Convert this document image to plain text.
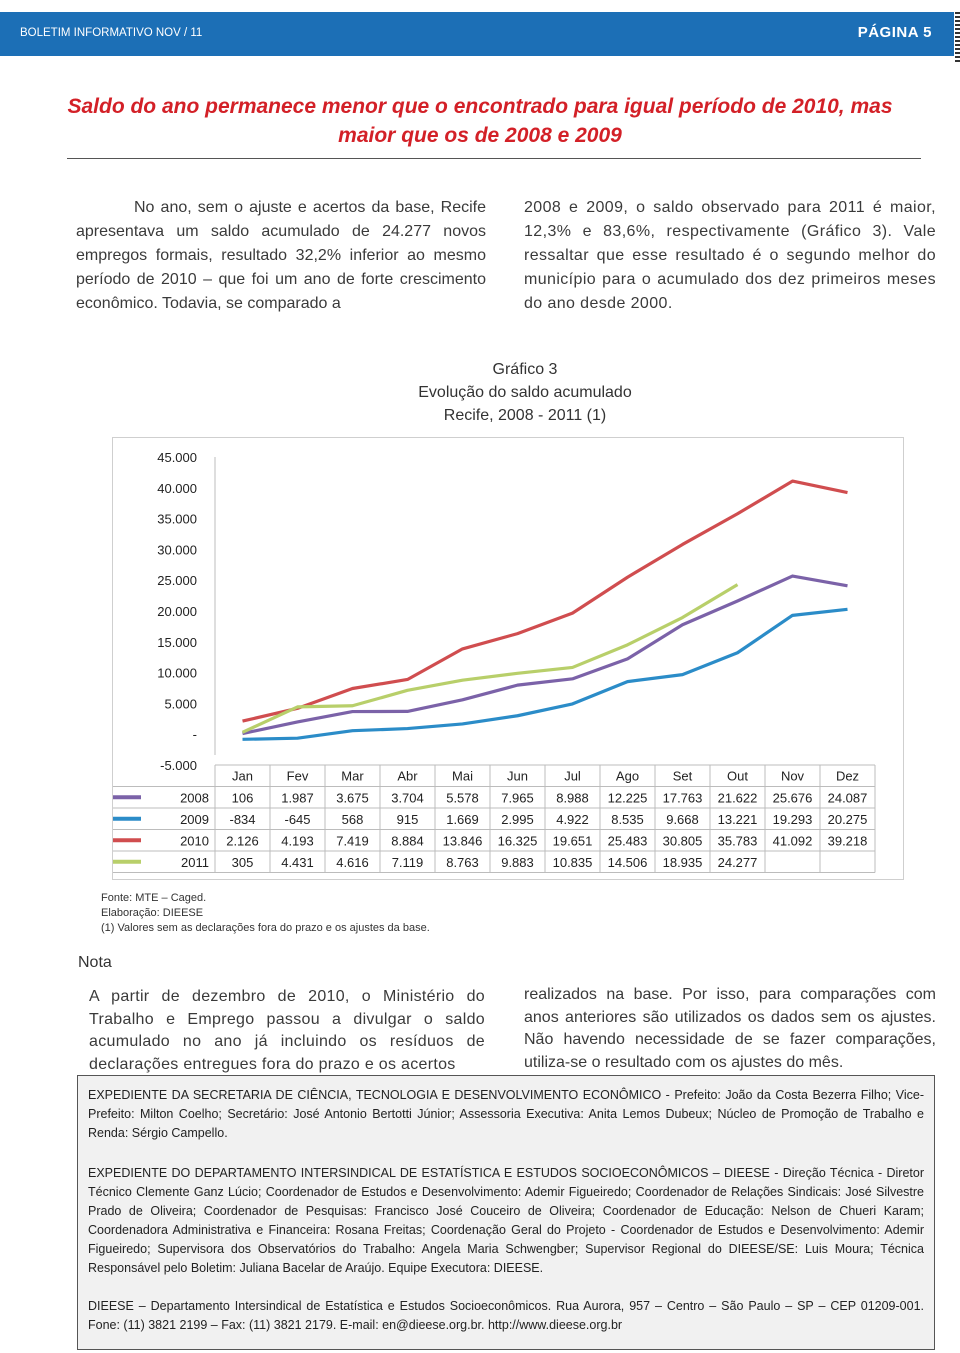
BOLETIM INFORMATIVO NOV / 11	PÁGINA 5
Saldo do ano permanece menor que o encontrado para igual período de 2010, mas
maior que os de 2008 e 2009

No ano, sem o ajuste e acertos da base, Recife apresentava um saldo acumulado de 24.277 novos empregos formais, resultado 32,2% inferior ao mesmo período de 2010 – que foi um ano de forte crescimento econômico. Todavia, se comparado a

2008 e 2009, o saldo observado para 2011 é maior, 12,3% e 83,6%, respectivamente (Gráfico 3). Vale ressaltar que esse resultado é o segundo melhor do município para o acumulado dos dez primeiros meses do ano desde 2000.

Gráfico 3
Evolução do saldo acumulado
Recife, 2008 - 2011 (1)
45.000
40.000
35.000
30.000
25.000
20.000
15.000
10.000
5.000
-
-5.000
Jan	Fev	Mar	Abr	Mai	Jun	Jul	Ago	Set	Out	Nov Dez
2008 106 1.987 3.675 3.704 5.578 7.965 8.988 12.225 17.763 21.622 25.676 24.087
2009 -834 -645 568	915 1.669 2.995 4.922 8.535 9.668 13.221 19.293 20.275
2010 2.126 4.193 7.419 8.884 13.846 16.325 19.651 25.483 30.805 35.783 41.092 39.218
2011 305 4.431 4.616 7.119 8.763 9.883 10.835 14.506 18.935 24.277
Fonte: MTE – Caged.
Elaboração: DIEESE
(1) Valores sem as declarações fora do prazo e os ajustes da base.
Nota

A partir de dezembro de 2010, o Ministério do Trabalho e Emprego passou a divulgar o saldo acumulado no ano já incluindo os resíduos de declarações entregues fora do prazo e os acertos

realizados na base. Por isso, para comparações com anos anteriores são utilizados os dados sem os ajustes. Não havendo necessidade de se fazer comparações, utiliza-se o resultado com os ajustes do mês.

EXPEDIENTE DA SECRETARIA DE CIÊNCIA, TECNOLOGIA E DESENVOLVIMENTO ECONÔMICO - Prefeito: João da Costa Bezerra Filho; Vice-Prefeito: Milton Coelho; Secretário: José Antonio Bertotti Júnior; Assessoria Executiva: Anita Lemos Dubeux; Núcleo de Promoção de Trabalho e Renda: Sérgio Campello.
EXPEDIENTE DO DEPARTAMENTO INTERSINDICAL DE ESTATÍSTICA E ESTUDOS SOCIOECONÔMICOS – DIEESE - Direção Técnica - Diretor Técnico Clemente Ganz Lúcio; Coordenador de Estudos e Desenvolvimento: Ademir Figueiredo; Coordenador de Relações Sindicais: José Silvestre Prado de Oliveira; Coordenador de Pesquisas: Francisco José Couceiro de Oliveira; Coordenador de Educação: Nelson de Chueri Karam; Coordenadora Administrativa e Financeira: Rosana Freitas; Coordenação Geral do Projeto - Coordenador de Estudos e Desenvolvimento: Ademir Figueiredo; Supervisora dos Observatórios do Trabalho: Angela Maria Schwengber; Supervisor Regional do DIEESE/SE: Luis Moura; Técnica Responsável pelo Boletim: Juliana Bacelar de Araújo. Equipe Executora: DIEESE.
DIEESE – Departamento Intersindical de Estatística e Estudos Socioeconômicos. Rua Aurora, 957 – Centro – São Paulo – SP – CEP 01209-001. Fone: (11) 3821 2199 – Fax: (11) 3821 2179. E-mail: en@dieese.org.br. http://www.dieese.org.br
